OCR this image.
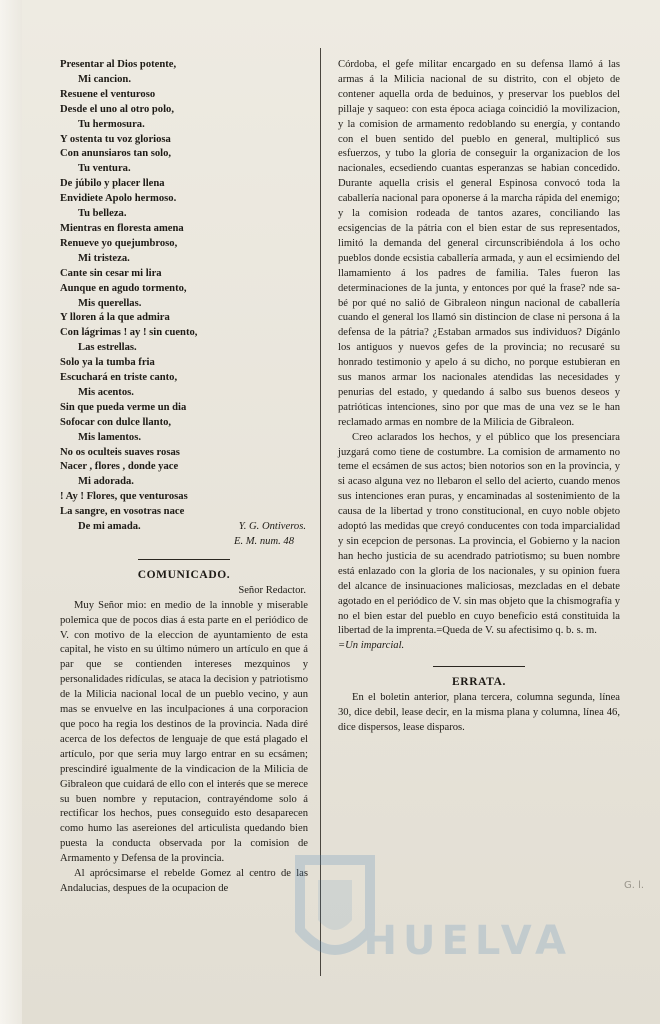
Presentar al Dios potente,
Mi cancion.
Resuene el venturoso
Desde el uno al otro polo,
Tu hermosura.
Y ostenta tu voz gloriosa
Con anunsiaros tan solo,
Tu ventura.
De júbilo y placer llena
Envidiete Apolo hermoso.
Tu belleza.
Mientras en floresta amena
Renueve yo quejumbroso,
Mi tristeza.
Cante sin cesar mi lira
Aunque en agudo tormento,
Mis querellas.
Y lloren á la que admira
Con lágrimas ! ay ! sin cuento,
Las estrellas.
Solo ya la tumba fria
Escuchará en triste canto,
Mis acentos.
Sin que pueda verme un dia
Sofocar con dulce llanto,
Mis lamentos.
No os oculteis suaves rosas
Nacer , flores , donde yace
Mi adorada.
! Ay ! Flores, que venturosas
La sangre, en vosotras nace
De mi amada.	Y. G. Ontiveros.
E. M. num. 48
COMUNICADO.

Señor Redactor.

Muy Señor mio: en medio de la innoble y miserable polemica que de pocos dias á esta parte en el periódico de V. con motivo de la eleccion de ayuntamiento de esta capital, he visto en su último número un artículo en que á par que se contienden intereses mezquinos y personalidades ridículas, se ataca la decision y patriotismo de la Milicia nacional local de un pueblo vecino, y aun mas se envuelve en las inculpaciones á una corporacion que poco ha regia los destinos de la provincia. Nada diré acerca de los defectos de lenguaje de que está plagado el artículo, por que seria muy largo entrar en su ecsámen; prescindiré igualmente de la vindicacion de la Milicia de Gibraleon que cuidará de ello con el interés que se merece su buen nombre y reputacion, contrayéndome solo á rectificar los hechos, pues conseguido esto desaparecen como humo las asereiones del articulista quedando bien puesta la conducta observada por la comision de Armamento y Defensa de la provincia.

Al aprócsimarse el rebelde Gomez al centro de las Andalucias, despues de la ocupacion de

Córdoba, el gefe militar encargado en su defensa llamó á las armas á la Milicia nacional de su distrito, con el objeto de contener aquella orda de beduinos, y preservar los pueblos del pillaje y saqueo: con esta época aciaga coincidió la movilizacion, y la comision de armamento redoblando su energía, y contando con el buen sentido del pueblo en general, multiplicó sus esfuerzos, y tubo la gloria de conseguir la organizacion de los nacionales, ecsediendo cuantas esperanzas se habian concedido. Durante aquella crisis el general Espinosa convocó toda la caballería nacional para oponerse á la marcha rápida del enemigo; y la comision rodeada de tantos azares, conciliando las ecsigencias de la pátria con el bien estar de sus representados, limitó la demanda del general circunscribiéndola á los ocho pueblos donde ecsistia caballería armada, y aun el ecsimiendo del llamamiento á los padres de familia. Tales fueron las determinaciones de la junta, y entonces por qué la frase? nde sa-bé por qué no salió de Gibraleon ningun nacional de caballería cuando el general los llamó sin distincion de clase ni persona á la defensa de la pátria? ¿Estaban armados sus individuos? Dígánlo los antiguos y nuevos gefes de la provincia; no recusaré su honrado testimonio y apelo á su dicho, no porque estubieran en sus manos armar los nacionales atendidas las necesidades y penurias del estado, y quedando á salbo sus buenos deseos y patrióticas intenciones, sino por que mas de una vez se le han reclamado armas en nombre de la Milicia de Gibraleon.

Creo aclarados los hechos, y el público que los presenciara juzgará como tiene de costumbre. La comision de armamento no teme el ecsámen de sus actos; bien notorios son en la provincia, y si acaso alguna vez no llebaron el sello del acierto, cuando menos sus intenciones eran puras, y encaminadas al sostenimiento de la causa de la libertad y trono constitucional, en cuyo noble objeto adoptó las medidas que creyó conducentes con toda imparcialidad y sin ecepcion de personas. La provincia, el Gobierno y la nacion han hecho justicia de su acendrado patriotismo; su buen nombre está enlazado con la gloria de los nacionales, y su opinion fuera del alcance de insinuaciones maliciosas, mezcladas en el debate agotado en el periódico de V. sin mas objeto que la chismografía y no el bien estar del pueblo en cuyo beneficio está constituida la libertad de la imprenta.=Queda de V. su afectisimo q. b. s. m.

=Un imparcial.

ERRATA.

En el boletin anterior, plana tercera, columna segunda, línea 30, dice debil, lease decir, en la misma plana y columna, línea 46, dice dispersos, lease disparos.

G. l.
HUELVA
